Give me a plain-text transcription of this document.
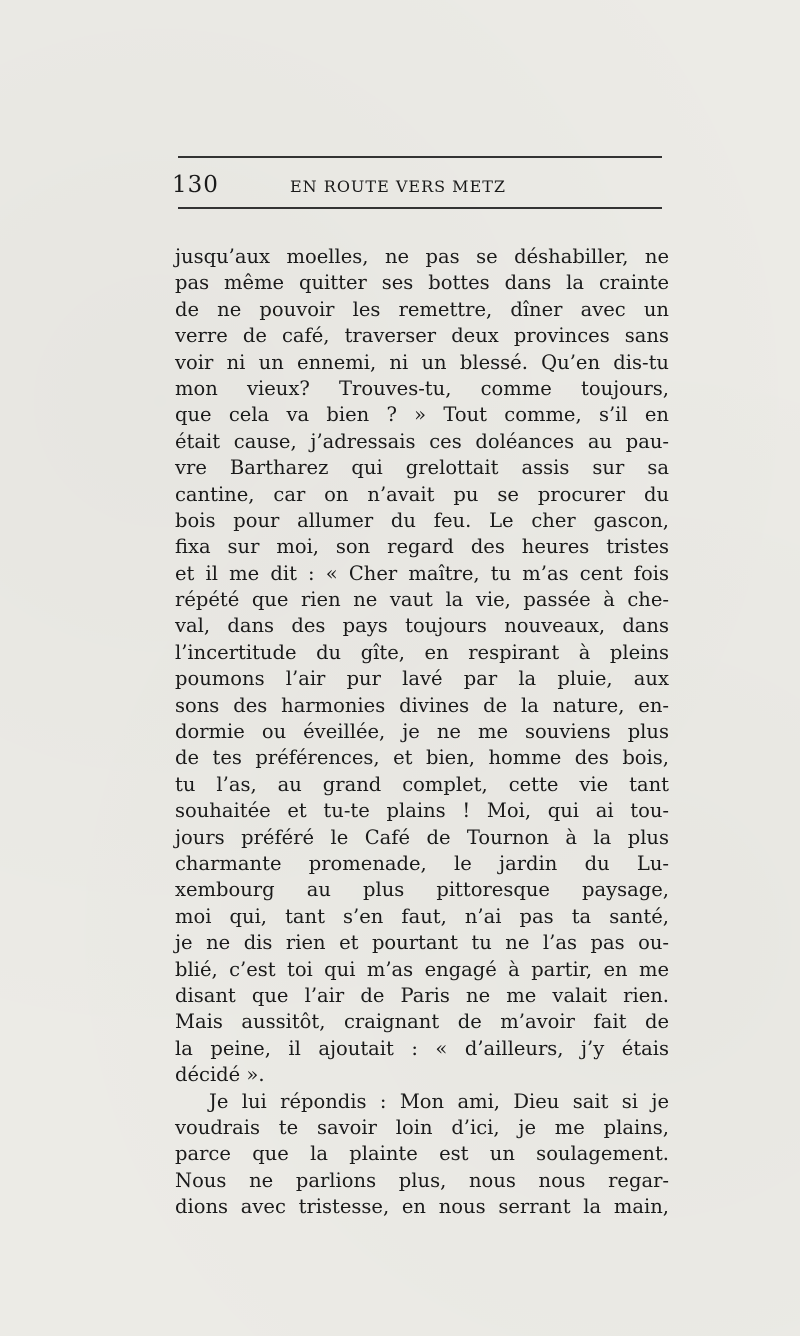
130	EN ROUTE VERS METZ
jusqu’aux moelles, ne pas se déshabiller, ne
pas même quitter ses bottes dans la crainte
de ne pouvoir les remettre, dîner avec un
verre de café, traverser deux provinces sans
voir ni un ennemi, ni un blessé. Qu’en dis-tu
mon vieux? Trouves-tu, comme toujours,
que cela va bien ? » Tout comme, s’il en
était cause, j’adressais ces doléances au pau-
vre Bartharez qui grelottait assis sur sa
cantine, car on n’avait pu se procurer du
bois pour allumer du feu. Le cher gascon,
fixa sur moi, son regard des heures tristes
et il me dit : « Cher maître, tu m’as cent fois
répété que rien ne vaut la vie, passée à che-
val, dans des pays toujours nouveaux, dans
l’incertitude du gîte, en respirant à pleins
poumons l’air pur lavé par la pluie, aux
sons des harmonies divines de la nature, en-
dormie ou éveillée, je ne me souviens plus
de tes préférences, et bien, homme des bois,
tu l’as, au grand complet, cette vie tant
souhaitée et tu-te plains ! Moi, qui ai tou-
jours préféré le Café de Tournon à la plus
charmante promenade, le jardin du Lu-
xembourg au plus pittoresque paysage,
moi qui, tant s’en faut, n’ai pas ta santé,
je ne dis rien et pourtant tu ne l’as pas ou-
blié, c’est toi qui m’as engagé à partir, en me
disant que l’air de Paris ne me valait rien.
Mais aussitôt, craignant de m’avoir fait de
la peine, il ajoutait : « d’ailleurs, j’y étais
décidé ».
Je lui répondis : Mon ami, Dieu sait si je
voudrais te savoir loin d’ici, je me plains,
parce que la plainte est un soulagement.
Nous ne parlions plus, nous nous regar-
dions avec tristesse, en nous serrant la main,
